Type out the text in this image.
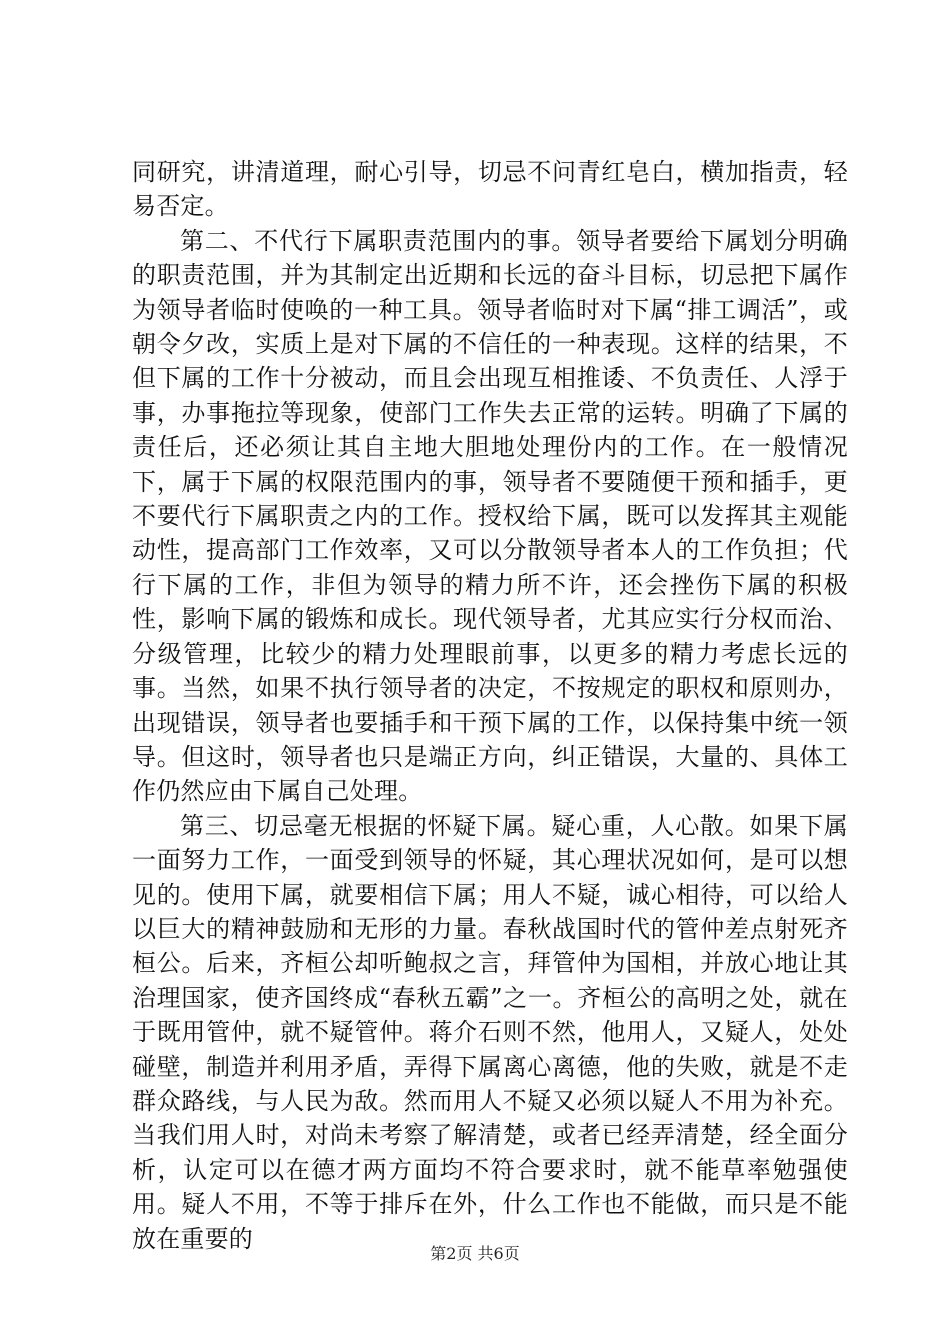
同研究，讲清道理，耐心引导，切忌不问青红皂白，横加指责，轻易否定。

第二、不代行下属职责范围内的事。领导者要给下属划分明确的职责范围，并为其制定出近期和长远的奋斗目标，切忌把下属作为领导者临时使唤的一种工具。领导者临时对下属“排工调活”，或朝令夕改，实质上是对下属的不信任的一种表现。这样的结果，不但下属的工作十分被动，而且会出现互相推诿、不负责任、人浮于事，办事拖拉等现象，使部门工作失去正常的运转。明确了下属的责任后，还必须让其自主地大胆地处理份内的工作。在一般情况下，属于下属的权限范围内的事，领导者不要随便干预和插手，更不要代行下属职责之内的工作。授权给下属，既可以发挥其主观能动性，提高部门工作效率，又可以分散领导者本人的工作负担；代行下属的工作，非但为领导的精力所不许，还会挫伤下属的积极性，影响下属的锻炼和成长。现代领导者，尤其应实行分权而治、分级管理，比较少的精力处理眼前事，以更多的精力考虑长远的事。当然，如果不执行领导者的决定，不按规定的职权和原则办，出现错误，领导者也要插手和干预下属的工作，以保持集中统一领导。但这时，领导者也只是端正方向，纠正错误，大量的、具体工作仍然应由下属自己处理。

第三、切忌毫无根据的怀疑下属。疑心重，人心散。如果下属一面努力工作，一面受到领导的怀疑，其心理状况如何，是可以想见的。使用下属，就要相信下属；用人不疑，诚心相待，可以给人以巨大的精神鼓励和无形的力量。春秋战国时代的管仲差点射死齐桓公。后来，齐桓公却听鲍叔之言，拜管仲为国相，并放心地让其治理国家，使齐国终成“春秋五霸”之一。齐桓公的高明之处，就在于既用管仲，就不疑管仲。蒋介石则不然，他用人，又疑人，处处碰壁，制造并利用矛盾，弄得下属离心离德，他的失败，就是不走群众路线，与人民为敌。然而用人不疑又必须以疑人不用为补充。当我们用人时，对尚未考察了解清楚，或者已经弄清楚，经全面分析，认定可以在德才两方面均不符合要求时，就不能草率勉强使用。疑人不用，不等于排斥在外，什么工作也不能做，而只是不能放在重要的

第2页 共6页
